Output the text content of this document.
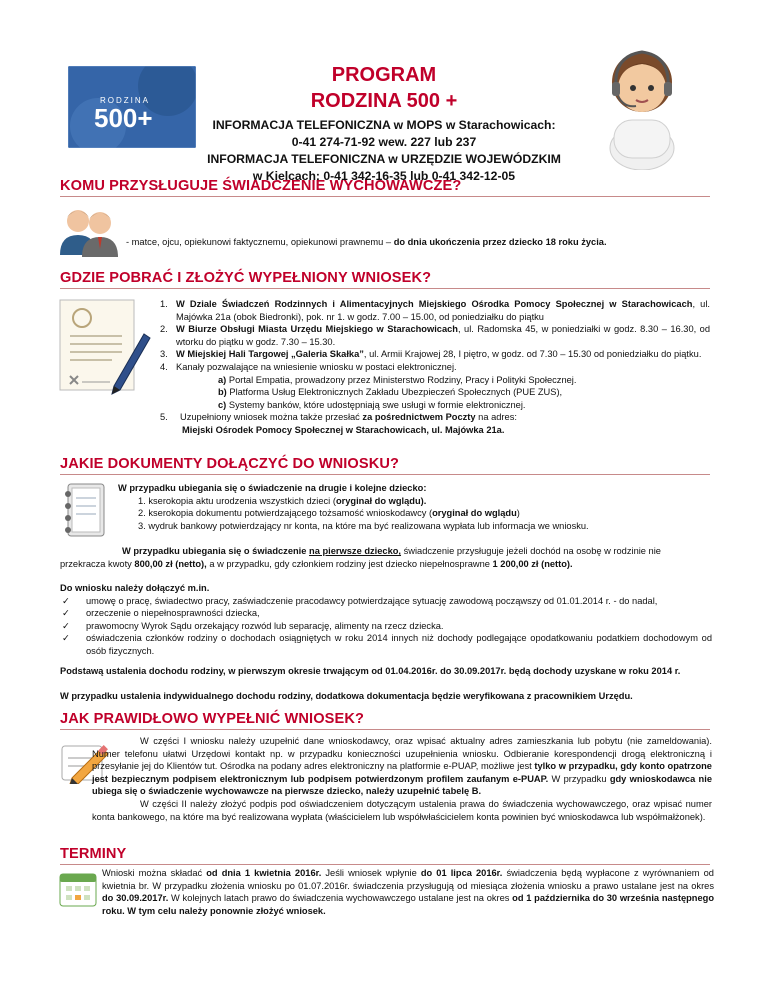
RODZINA
500+
PROGRAM
RODZINA 500 +
INFORMACJA TELEFONICZNA w MOPS w Starachowicach:
0-41 274-71-92 wew. 227 lub 237
INFORMACJA TELEFONICZNA w URZĘDZIE WOJEWÓDZKIM
w Kielcach: 0-41 342-16-35 lub 0-41 342-12-05
KOMU PRZYSŁUGUJE ŚWIADCZENIE WYCHOWAWCZE?
- matce, ojcu, opiekunowi faktycznemu, opiekunowi prawnemu – do dnia ukończenia przez dziecko 18 roku życia.
GDZIE POBRAĆ I ZŁOŻYĆ WYPEŁNIONY WNIOSEK?
1. W Dziale Świadczeń Rodzinnych i Alimentacyjnych Miejskiego Ośrodka Pomocy Społecznej w Starachowicach, ul. Majówka 21a (obok Biedronki), pok. nr 1. w godz. 7.00 – 15.00, od poniedziałku do piątku
2. W Biurze Obsługi Miasta Urzędu Miejskiego w Starachowicach, ul. Radomska 45, w poniedziałki w godz. 8.30 – 16.30, od wtorku do piątku w godz. 7.30 – 15.30.
3. W Miejskiej Hali Targowej „Galeria Skałka”, ul. Armii Krajowej 28, I piętro, w godz. od 7.30 – 15.30 od poniedziałku do piątku.
4. Kanały pozwalające na wniesienie wniosku w postaci elektronicznej.
a) Portal Empatia, prowadzony przez Ministerstwo Rodziny, Pracy i Polityki Społecznej.
b) Platforma Usług Elektronicznych Zakładu Ubezpieczeń Społecznych (PUE ZUS),
c) Systemy banków, które udostępniają swe usługi w formie elektronicznej.
5. Uzupełniony wniosek można także przesłać za pośrednictwem Poczty na adres:
Miejski Ośrodek Pomocy Społecznej w Starachowicach, ul. Majówka 21a.
JAKIE DOKUMENTY DOŁĄCZYĆ DO WNIOSKU?
W przypadku ubiegania się o świadczenie na drugie i kolejne dziecko:
1. kserokopia aktu urodzenia wszystkich dzieci (oryginał do wglądu).
2. kserokopia dokumentu potwierdzającego tożsamość wnioskodawcy (oryginał do wglądu)
3. wydruk bankowy potwierdzający nr konta, na które ma być realizowana wypłata lub informacja we wniosku.
W przypadku ubiegania się o świadczenie na pierwsze dziecko, świadczenie przysługuje jeżeli dochód na osobę w rodzinie nie
przekracza kwoty 800,00 zł (netto), a w przypadku, gdy członkiem rodziny jest dziecko niepełnosprawne 1 200,00 zł (netto).
Do wniosku należy dołączyć m.in.
✓ umowę o pracę, świadectwo pracy, zaświadczenie pracodawcy potwierdzające sytuację zawodową począwszy od 01.01.2014 r. - do nadal,
✓ orzeczenie o niepełnosprawności dziecka,
✓ prawomocny Wyrok Sądu orzekający rozwód lub separację, alimenty na rzecz dziecka.
✓ oświadczenia członków rodziny o dochodach osiągniętych w roku 2014 innych niż dochody podlegające opodatkowaniu podatkiem dochodowym od osób fizycznych.
Podstawą ustalenia dochodu rodziny, w pierwszym okresie trwającym od 01.04.2016r. do 30.09.2017r. będą dochody uzyskane w roku 2014 r.
W przypadku ustalenia indywidualnego dochodu rodziny, dodatkowa dokumentacja będzie weryfikowana z pracownikiem Urzędu.
JAK PRAWIDŁOWO WYPEŁNIĆ WNIOSEK?
W części I wniosku należy uzupełnić dane wnioskodawcy, oraz wpisać aktualny adres zamieszkania lub pobytu (nie zameldowania). Numer telefonu ułatwi Urzędowi kontakt np. w przypadku konieczności uzupełnienia wniosku. Odbieranie korespondencji drogą elektroniczną i przesyłanie jej do Klientów tut. Ośrodka na podany adres elektroniczny na platformie e-PUAP, możliwe jest tylko w przypadku, gdy konto opatrzone jest bezpiecznym podpisem elektronicznym lub podpisem potwierdzonym profilem zaufanym e-PUAP. W przypadku gdy wnioskodawca nie ubiega się o świadczenie wychowawcze na pierwsze dziecko, należy uzupełnić tabelę B.
W części II należy złożyć podpis pod oświadczeniem dotyczącym ustalenia prawa do świadczenia wychowawczego, oraz wpisać numer konta bankowego, na które ma być realizowana wypłata (właścicielem lub współwłaścicielem konta powinien być wnioskodawca lub współmałżonek).
TERMINY
Wnioski można składać od dnia 1 kwietnia 2016r. Jeśli wniosek wpłynie do 01 lipca 2016r. świadczenia będą wypłacone z wyrównaniem od kwietnia br. W przypadku złożenia wniosku po 01.07.2016r. świadczenia przysługują od miesiąca złożenia wniosku a prawo ustalane jest na okres do 30.09.2017r. W kolejnych latach prawo do świadczenia wychowawczego ustalane jest na okres od 1 października do 30 września następnego roku. W tym celu należy ponownie złożyć wniosek.
